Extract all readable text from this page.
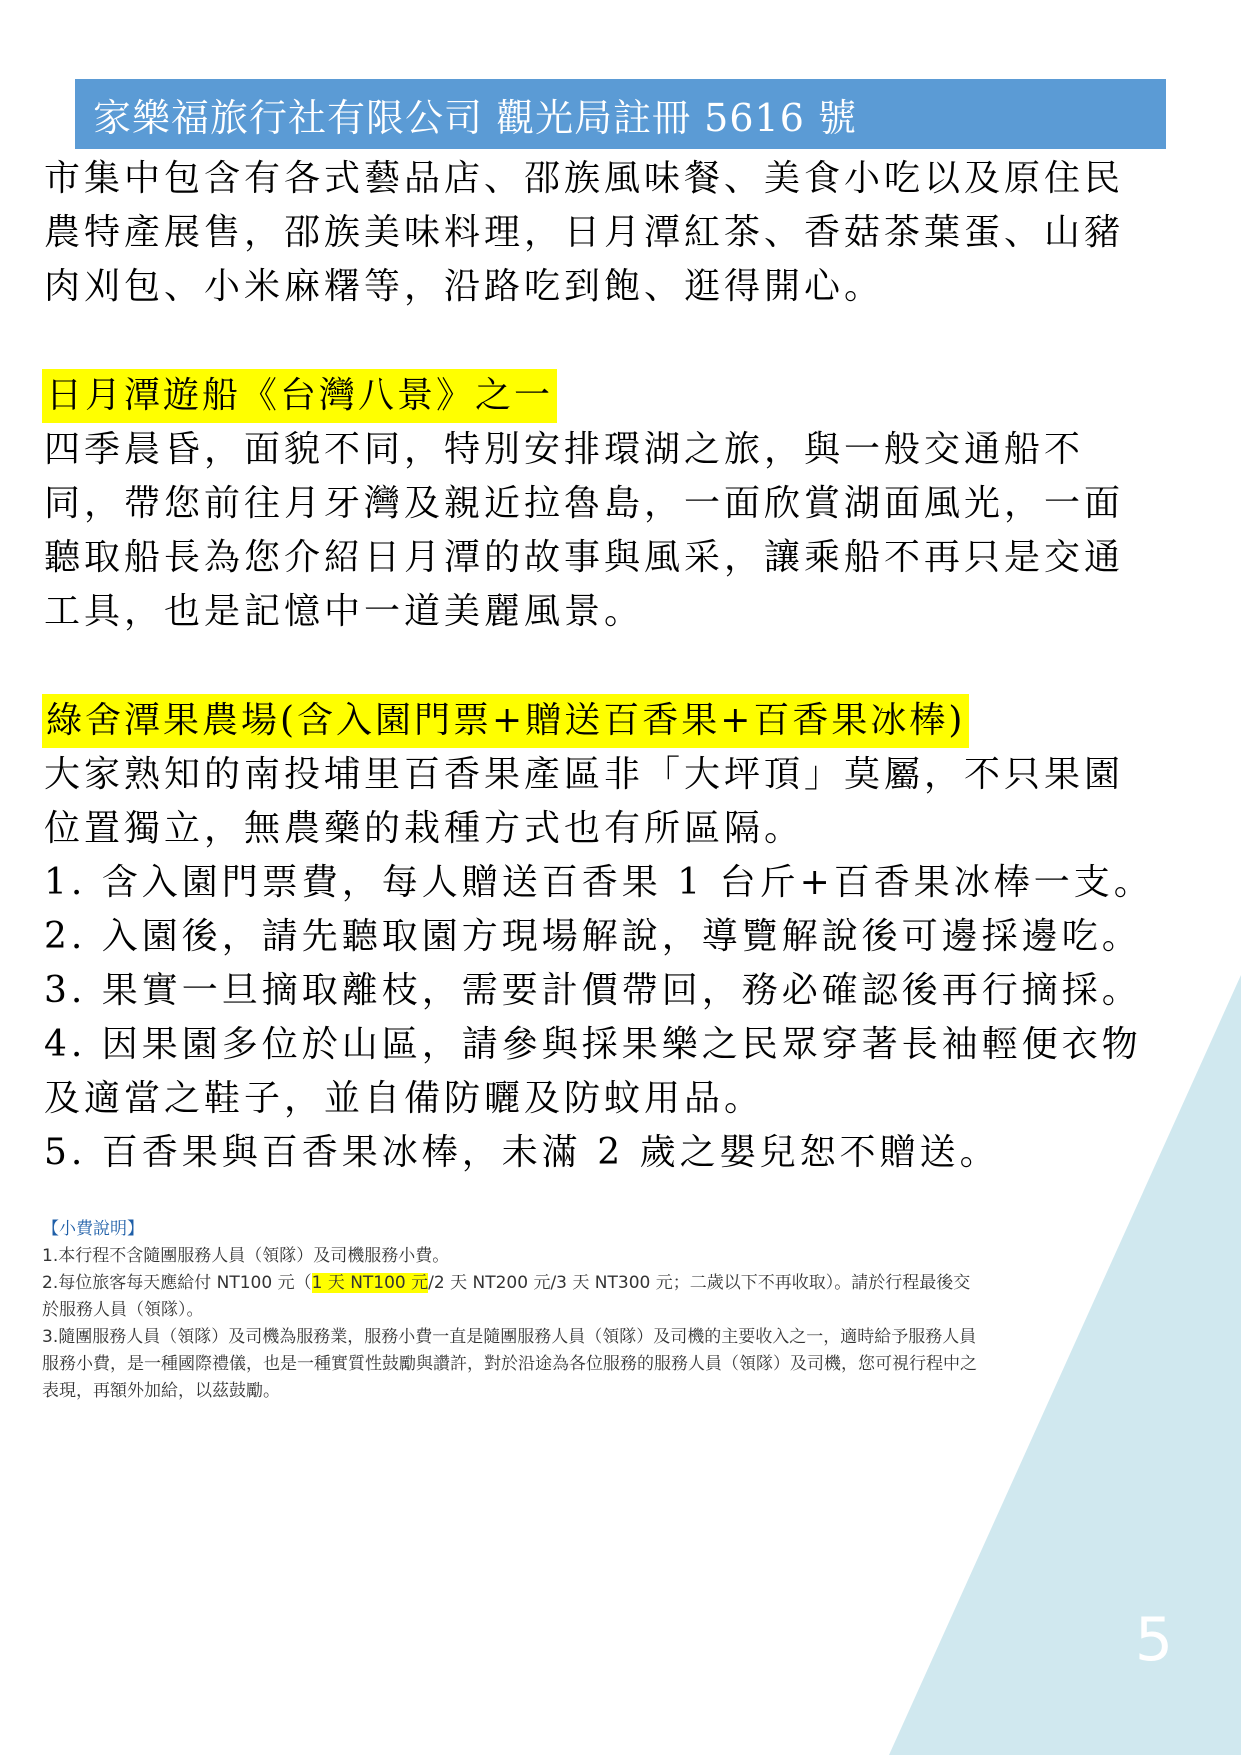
家樂福旅行社有限公司 觀光局註冊 5616 號

市集中包含有各式藝品店、邵族風味餐、美食小吃以及原住民

農特產展售，邵族美味料理，日月潭紅茶、香菇茶葉蛋、山豬

肉刈包、小米麻糬等，沿路吃到飽、逛得開心。

日月潭遊船《台灣八景》之一

四季晨昏，面貌不同，特別安排環湖之旅，與一般交通船不

同，帶您前往月牙灣及親近拉魯島，一面欣賞湖面風光，一面

聽取船長為您介紹日月潭的故事與風采，讓乘船不再只是交通

工具，也是記憶中一道美麗風景。

綠舍潭果農場(含入園門票+贈送百香果+百香果冰棒)

大家熟知的南投埔里百香果產區非「大坪頂」莫屬，不只果園

位置獨立，無農藥的栽種方式也有所區隔。

1. 含入園門票費，每人贈送百香果 1 台斤+百香果冰棒一支。

2. 入園後，請先聽取園方現場解說，導覽解說後可邊採邊吃。

3. 果實一旦摘取離枝，需要計價帶回，務必確認後再行摘採。

4. 因果園多位於山區，請參與採果樂之民眾穿著長袖輕便衣物

及適當之鞋子，並自備防曬及防蚊用品。

5. 百香果與百香果冰棒，未滿 2 歲之嬰兒恕不贈送。

【小費說明】

1.本行程不含隨團服務人員（領隊）及司機服務小費。

2.每位旅客每天應給付 NT100 元（1 天 NT100 元/2 天 NT200 元/3 天 NT300 元；二歲以下不再收取）。請於行程最後交

於服務人員（領隊）。

3.隨團服務人員（領隊）及司機為服務業，服務小費一直是隨團服務人員（領隊）及司機的主要收入之一，適時給予服務人員

服務小費，是一種國際禮儀，也是一種實質性鼓勵與讚許，對於沿途為各位服務的服務人員（領隊）及司機，您可視行程中之

表現，再額外加給，以茲鼓勵。

5
